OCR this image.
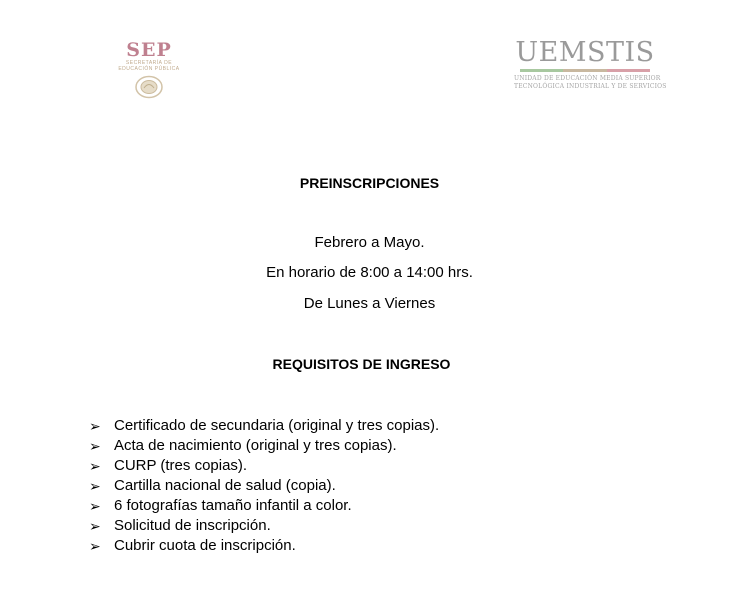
SEP
SECRETARÍA DE
EDUCACIÓN PÚBLICA
UEMSTIS
UNIDAD DE EDUCACIÓN MEDIA SUPERIOR
TECNOLÓGICA INDUSTRIAL Y DE SERVICIOS
PREINSCRIPCIONES
Febrero a Mayo.
En horario de 8:00 a 14:00 hrs.
De Lunes a Viernes
REQUISITOS DE INGRESO
➢ Certificado de secundaria (original y tres copias).
➢ Acta de nacimiento (original y tres copias).
➢ CURP (tres copias).
➢ Cartilla nacional de salud (copia).
➢ 6 fotografías tamaño infantil a color.
➢ Solicitud de inscripción.
➢ Cubrir cuota de inscripción.
